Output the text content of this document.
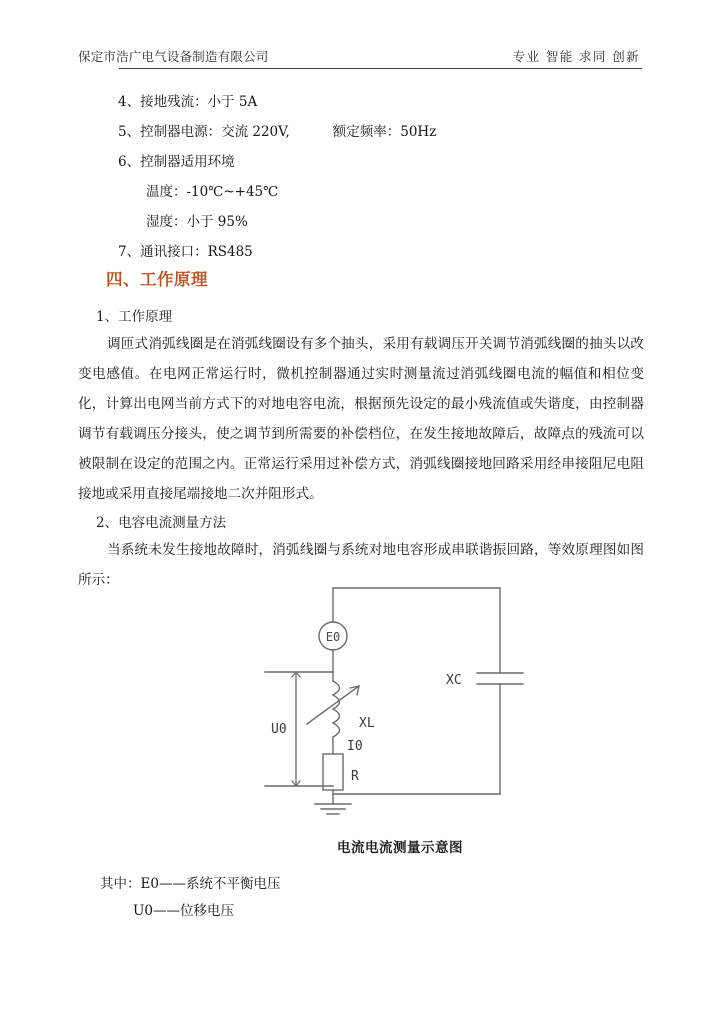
保定市浩广电气设备制造有限公司	专业 智能 求同 创新
4、接地残流：小于 5A
5、控制器电源：交流 220V,          额定频率：50Hz
6、控制器适用环境
温度：-10℃~+45℃
湿度：小于 95%
7、通讯接口：RS485
四、工作原理
1、工作原理
调匝式消弧线圈是在消弧线圈设有多个抽头，采用有载调压开关调节消弧线圈的抽头以改变电感值。在电网正常运行时，微机控制器通过实时测量流过消弧线圈电流的幅值和相位变化，计算出电网当前方式下的对地电容电流，根据预先设定的最小残流值或失谐度，由控制器调节有载调压分接头，使之调节到所需要的补偿档位，在发生接地故障后，故障点的残流可以被限制在设定的范围之内。正常运行采用过补偿方式，消弧线圈接地回路采用经串接阻尼电阻接地或采用直接尾端接地二次并阻形式。
2、电容电流测量方法
当系统未发生接地故障时，消弧线圈与系统对地电容形成串联谐振回路，等效原理图如图所示：
E0
U0	XL
I0
R
XC
电流电流测量示意图
其中：E0——系统不平衡电压
U0——位移电压
